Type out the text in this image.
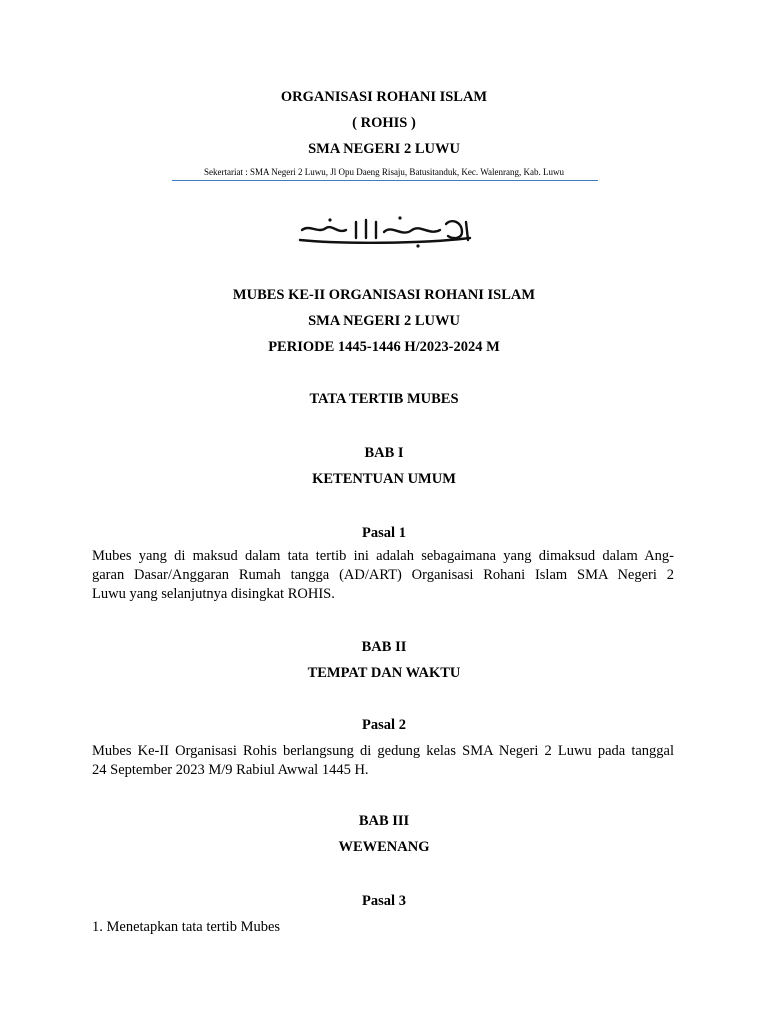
ORGANISASI ROHANI ISLAM

( ROHIS )

SMA NEGERI 2 LUWU

Sekertariat : SMA Negeri 2 Luwu, Jl Opu Daeng Risaju, Batusitanduk, Kec. Walenrang, Kab. Luwu

MUBES KE-II ORGANISASI ROHANI ISLAM

SMA NEGERI 2 LUWU

PERIODE 1445-1446 H/2023-2024 M

TATA TERTIB MUBES

BAB I

KETENTUAN UMUM

Pasal 1

Mubes yang di maksud dalam tata tertib ini adalah sebagaimana yang dimaksud dalam Ang-
garan Dasar/Anggaran Rumah tangga (AD/ART) Organisasi Rohani Islam SMA Negeri 2
Luwu yang selanjutnya disingkat ROHIS.

BAB II

TEMPAT DAN WAKTU

Pasal 2

Mubes Ke-II Organisasi Rohis berlangsung di gedung kelas SMA Negeri 2 Luwu pada tanggal
24 September 2023 M/9 Rabiul Awwal 1445 H.

BAB III

WEWENANG

Pasal 3

1. Menetapkan tata tertib Mubes
